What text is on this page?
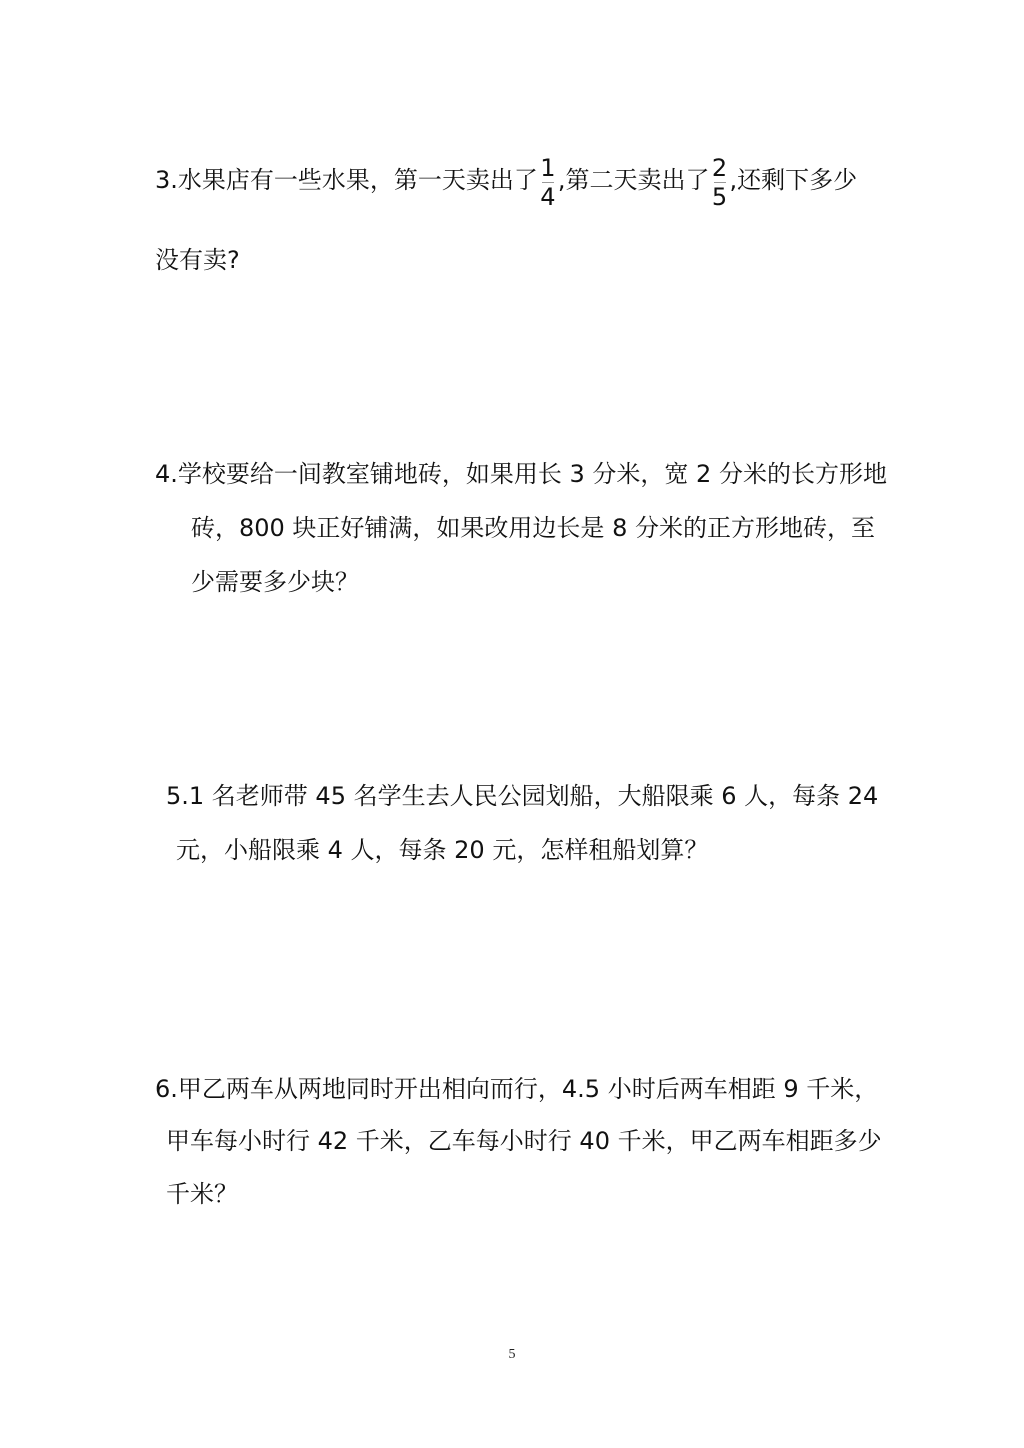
3.水果店有一些水果，第一天卖出了 $\frac{1}{4}$ ,第二天卖出了 $\frac{2}{5}$ ,还剩下多少
没有卖?
4.学校要给一间教室铺地砖，如果用长 3 分米，宽 2 分米的长方形地
砖，800 块正好铺满，如果改用边长是 8 分米的正方形地砖，至
少需要多少块？
5.1 名老师带 45 名学生去人民公园划船，大船限乘 6 人，每条 24
元，小船限乘 4 人，每条 20 元，怎样租船划算？
6.甲乙两车从两地同时开出相向而行，4.5 小时后两车相距 9 千米，
甲车每小时行 42 千米，乙车每小时行 40 千米，甲乙两车相距多少
千米？
5
